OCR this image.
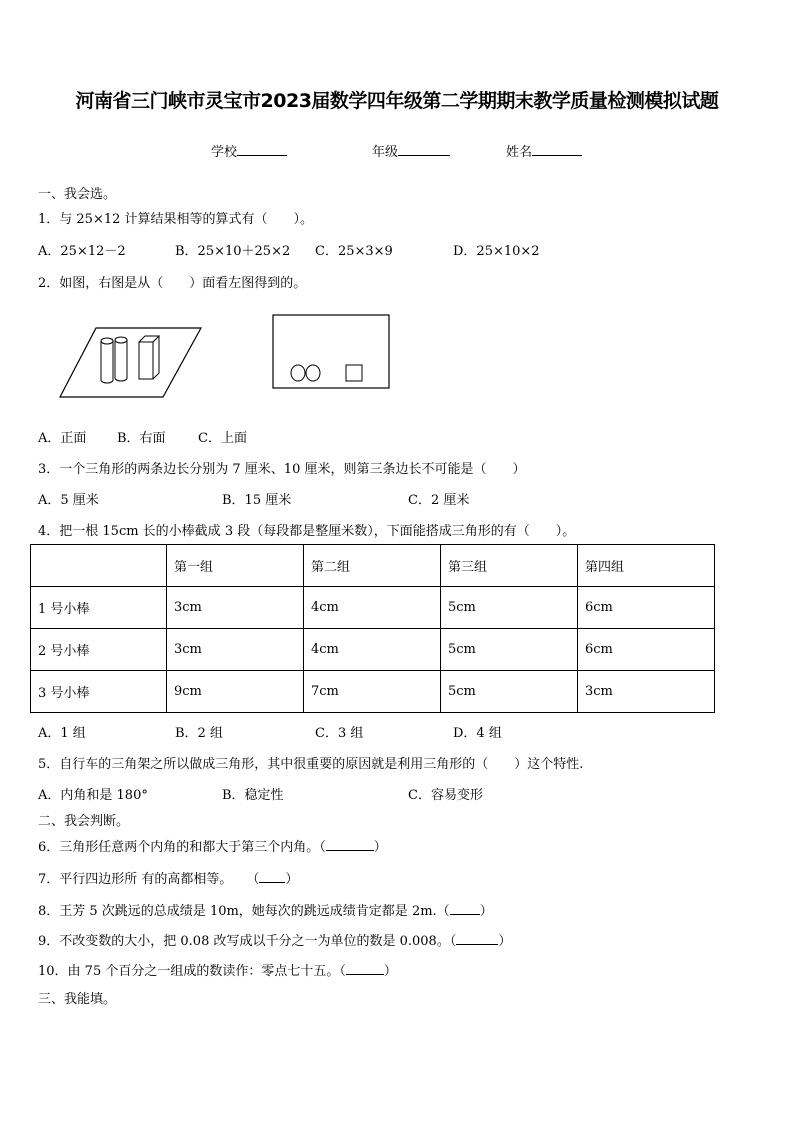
河南省三门峡市灵宝市2023届数学四年级第二学期期末教学质量检测模拟试题
学校	年级	姓名
一、我会选。
1．与 25×12 计算结果相等的算式有（　　）。
A．25×12－2	B．25×10＋25×2 C．25×3×9	D．25×10×2
2．如图，右图是从（　　）面看左图得到的。
A．正面 B．右面 C．上面
3．一个三角形的两条边长分别为 7 厘米、10 厘米，则第三条边长不可能是（　　）
A．5 厘米	B．15 厘米	C．2 厘米
4．把一根 15cm 长的小棒截成 3 段（每段都是整厘米数），下面能搭成三角形的有（　　）。
	第一组	第二组	第三组	第四组
1 号小棒	3cm	4cm	5cm	6cm
2 号小棒	3cm	4cm	5cm	6cm
3 号小棒	9cm	7cm	5cm	3cm
A．1 组	B．2 组	C．3 组	D．4 组
5．自行车的三角架之所以做成三角形，其中很重要的原因就是利用三角形的（　　）这个特性.
A．内角和是 180°	B．稳定性	C．容易变形
二、我会判断。
6．三角形任意两个内角的和都大于第三个内角。（	）
7．平行四边形所 有的高都相等。 （ ）
8．王芳 5 次跳远的总成绩是 10m，她每次的跳远成绩肯定都是 2m.（ ）
9．不改变数的大小，把 0.08 改写成以千分之一为单位的数是 0.008。（	）
10．由 75 个百分之一组成的数读作：零点七十五。（	）
三、我能填。
